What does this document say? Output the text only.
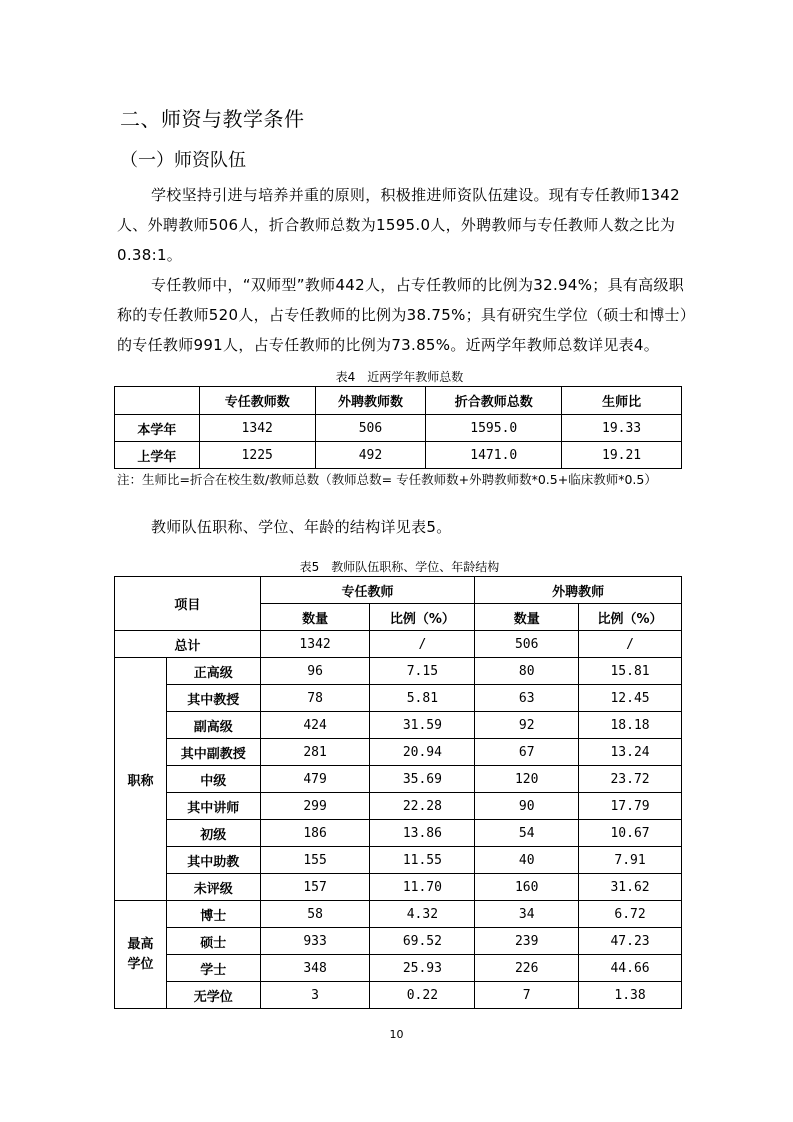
二、师资与教学条件
（一）师资队伍

学校坚持引进与培养并重的原则，积极推进师资队伍建设。现有专任教师1342人、外聘教师506人，折合教师总数为1595.0人，外聘教师与专任教师人数之比为0.38:1。

专任教师中，“双师型”教师442人，占专任教师的比例为32.94%；具有高级职称的专任教师520人，占专任教师的比例为38.75%；具有研究生学位（硕士和博士）的专任教师991人，占专任教师的比例为73.85%。近两学年教师总数详见表4。

表4　近两学年教师总数
	专任教师数	外聘教师数	折合教师总数	生师比
本学年	1342	506	1595.0	19.33
上学年	1225	492	1471.0	19.21
注：生师比=折合在校生数/教师总数（教师总数= 专任教师数+外聘教师数*0.5+临床教师*0.5）

教师队伍职称、学位、年龄的结构详见表5。

表5　教师队伍职称、学位、年龄结构
项目		专任教师		外聘教师	
		数量	比例（%）	数量	比例（%）
总计		1342	/	506	/
职称	正高级	96	7.15	80	15.81
	其中教授	78	5.81	63	12.45
	副高级	424	31.59	92	18.18
	其中副教授	281	20.94	67	13.24
	中级	479	35.69	120	23.72
	其中讲师	299	22.28	90	17.79
	初级	186	13.86	54	10.67
	其中助教	155	11.55	40	7.91
	未评级	157	11.70	160	31.62
最高
学位	博士	58	4.32	34	6.72
	硕士	933	69.52	239	47.23
	学士	348	25.93	226	44.66
	无学位	3	0.22	7	1.38
10
